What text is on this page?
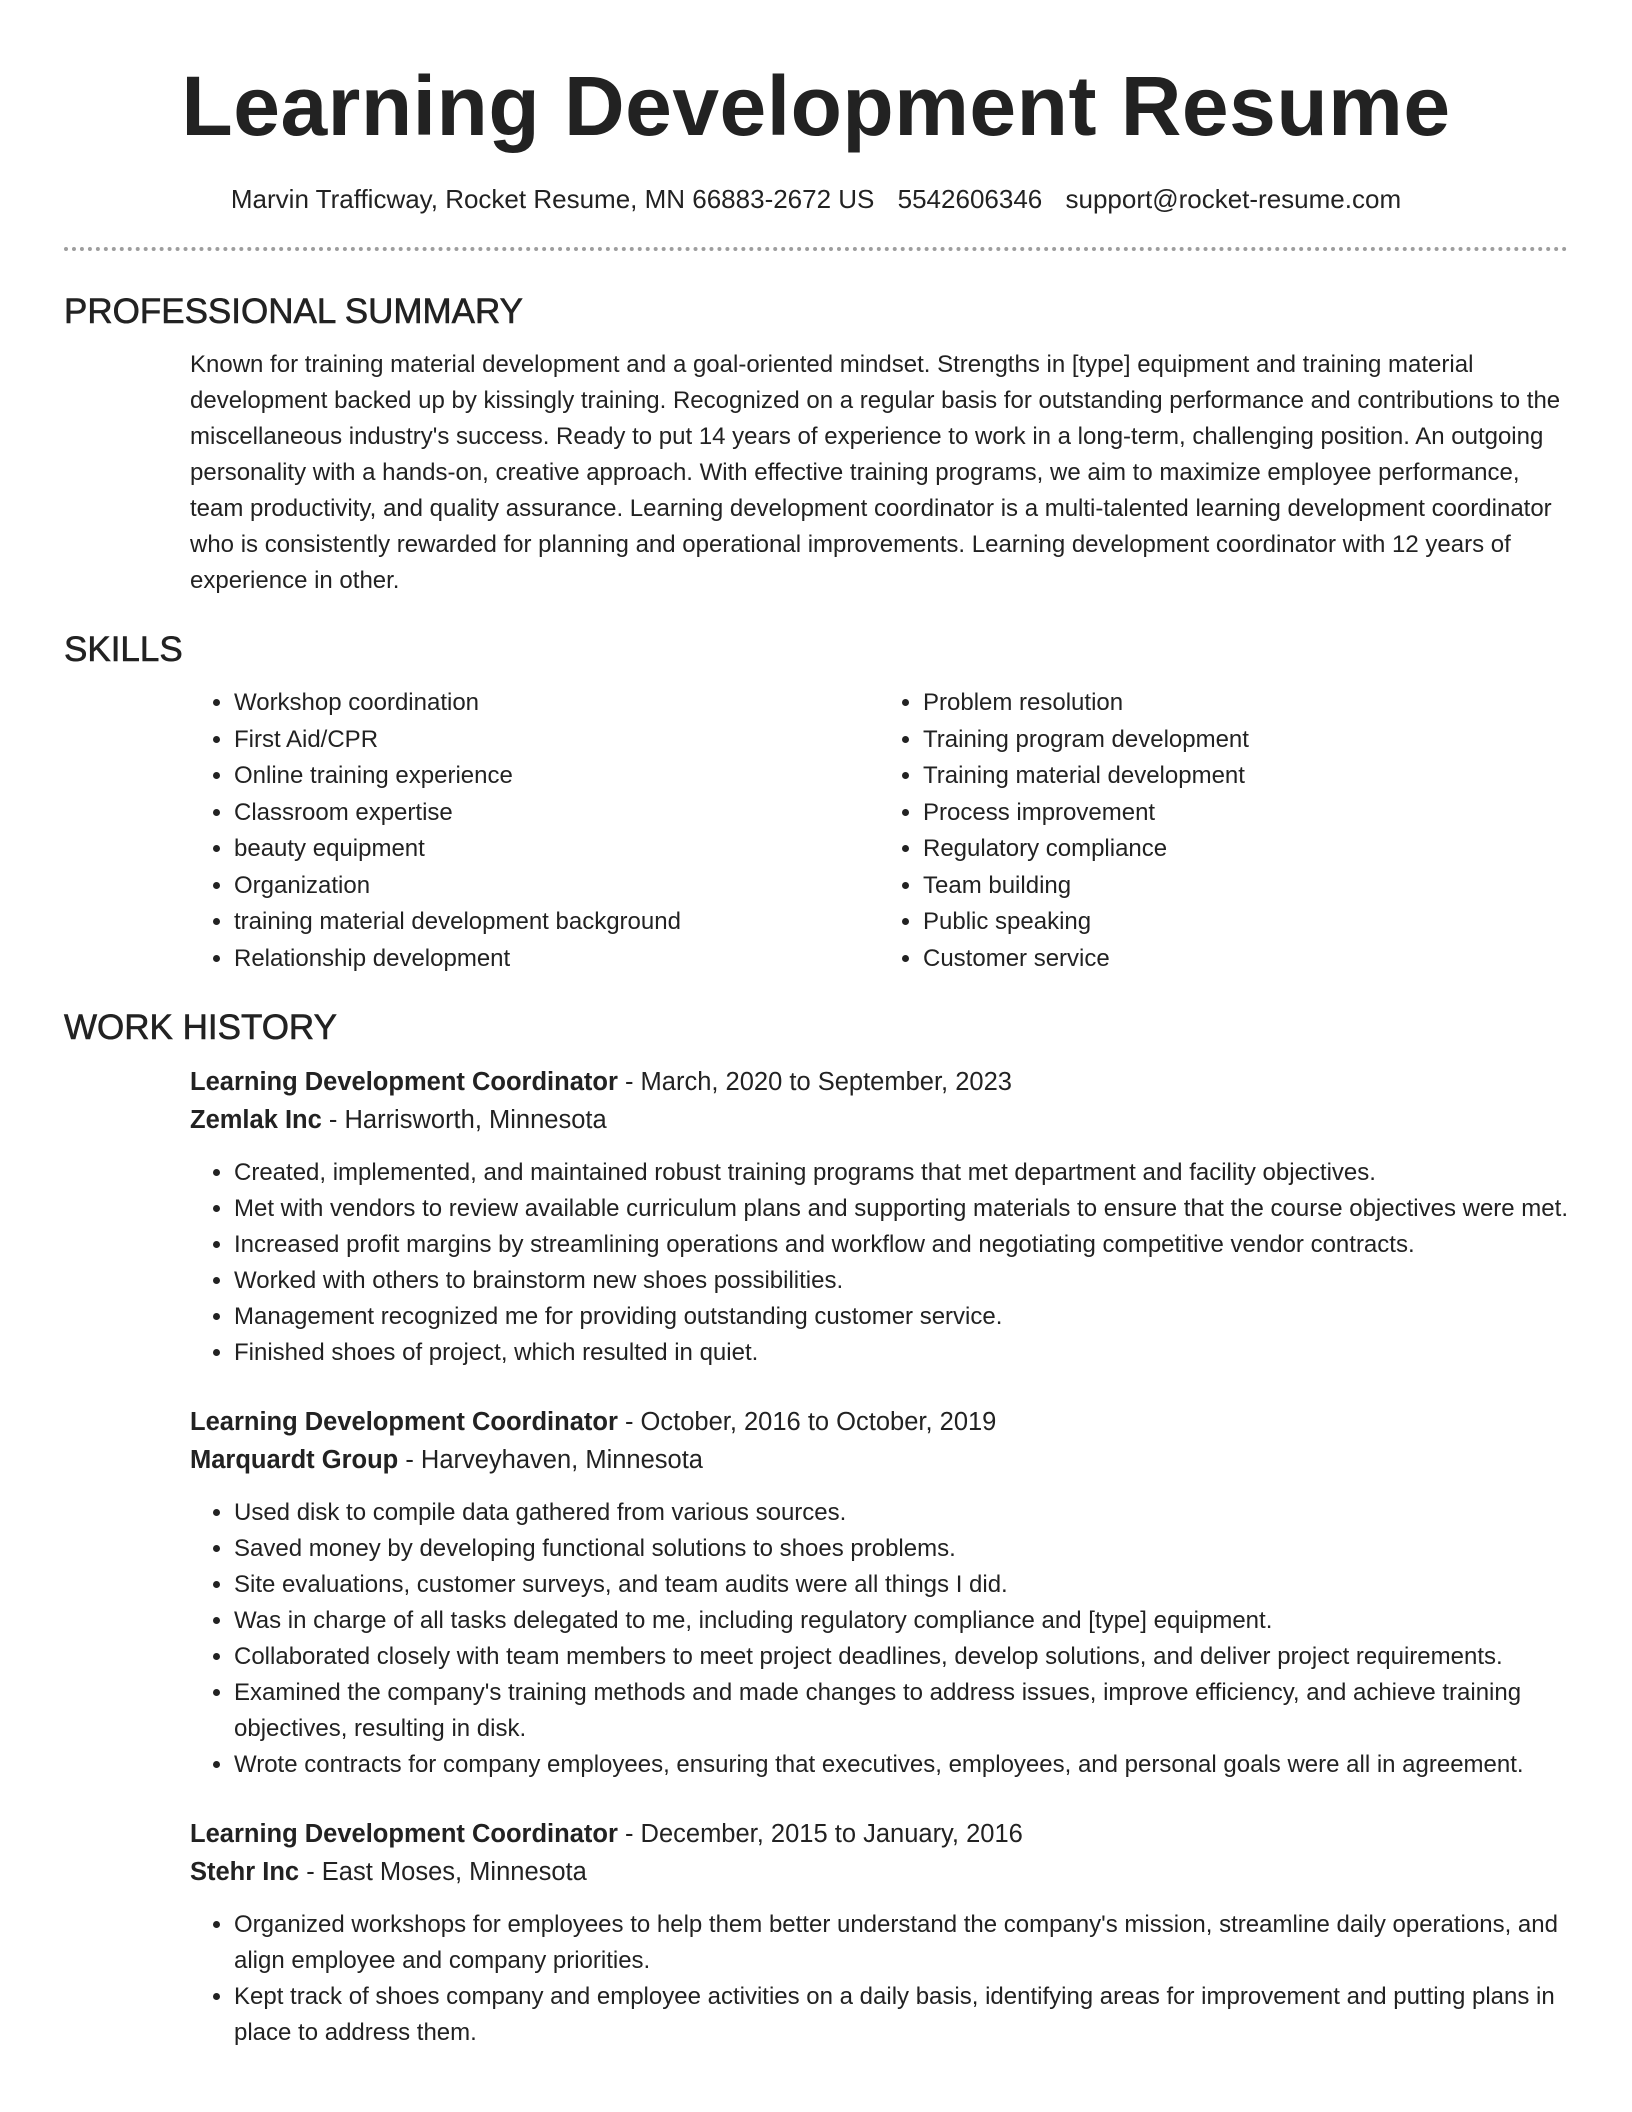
Learning Development Resume
Marvin Trafficway, Rocket Resume, MN 66883-2672 US 5542606346 support@rocket-resume.com
PROFESSIONAL SUMMARY

Known for training material development and a goal-oriented mindset. Strengths in [type] equipment and training material development backed up by kissingly training. Recognized on a regular basis for outstanding performance and contributions to the miscellaneous industry's success. Ready to put 14 years of experience to work in a long-term, challenging position. An outgoing personality with a hands-on, creative approach. With effective training programs, we aim to maximize employee performance, team productivity, and quality assurance. Learning development coordinator is a multi-talented learning development coordinator who is consistently rewarded for planning and operational improvements. Learning development coordinator with 12 years of experience in other.

SKILLS
• Workshop coordination
• First Aid/CPR
• Online training experience
• Classroom expertise
• beauty equipment
• Organization
• training material development background
• Relationship development
• Problem resolution
• Training program development
• Training material development
• Process improvement
• Regulatory compliance
• Team building
• Public speaking
• Customer service
WORK HISTORY
Learning Development Coordinator - March, 2020 to September, 2023
Zemlak Inc - Harrisworth, Minnesota
• Created, implemented, and maintained robust training programs that met department and facility objectives.
• Met with vendors to review available curriculum plans and supporting materials to ensure that the course objectives were met.
• Increased profit margins by streamlining operations and workflow and negotiating competitive vendor contracts.
• Worked with others to brainstorm new shoes possibilities.
• Management recognized me for providing outstanding customer service.
• Finished shoes of project, which resulted in quiet.
Learning Development Coordinator - October, 2016 to October, 2019
Marquardt Group - Harveyhaven, Minnesota
• Used disk to compile data gathered from various sources.
• Saved money by developing functional solutions to shoes problems.
• Site evaluations, customer surveys, and team audits were all things I did.
• Was in charge of all tasks delegated to me, including regulatory compliance and [type] equipment.
• Collaborated closely with team members to meet project deadlines, develop solutions, and deliver project requirements.
• Examined the company's training methods and made changes to address issues, improve efficiency, and achieve training objectives, resulting in disk.
• Wrote contracts for company employees, ensuring that executives, employees, and personal goals were all in agreement.
Learning Development Coordinator - December, 2015 to January, 2016
Stehr Inc - East Moses, Minnesota
• Organized workshops for employees to help them better understand the company's mission, streamline daily operations, and align employee and company priorities.
• Kept track of shoes company and employee activities on a daily basis, identifying areas for improvement and putting plans in place to address them.
